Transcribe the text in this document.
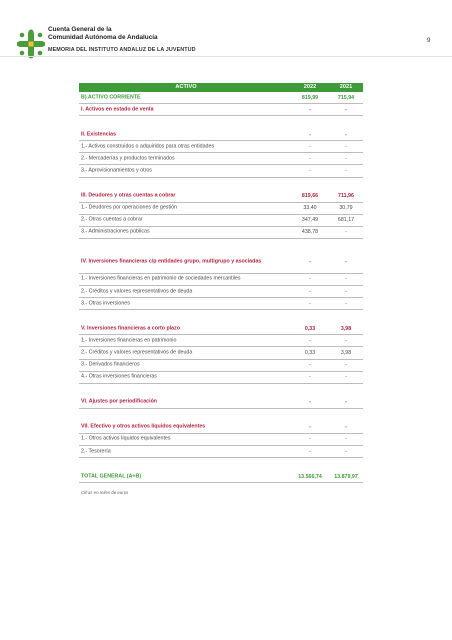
Cuenta General de la
Comunidad Autónoma de Andalucía
MEMORIA DEL INSTITUTO ANDALUZ DE LA JUVENTUD
9
ACTIVO	2022	2021
B) ACTIVO CORRIENTE	819,99	715,94
I. Activos en estado de venta	-	-
II. Existencias	-	-
1.- Activos construidos o adquiridos para otras entidades	-	-
2.- Mercaderías y productos terminados	-	-
3.- Aprovisionamientos y otros	-	-
III. Deudores y otras cuentas a cobrar	819,66	711,96
1.- Deudores por operaciones de gestión	33,40	30,79
2.- Otras cuentas a cobrar	347,49	681,17
3.- Administraciones públicas	438,78	-
IV. Inversiones financieras c/p entidades grupo, multigrupo y asociadas	-	-
1.- Inversiones financieras en patrimonio de sociedades mercantiles	-	-
2.- Créditos y valores representativos de deuda	-	-
3.- Otras inversiones	-	-
V. Inversiones financieras a corto plazo	0,33	3,98
1.- Inversiones financieras en patrimonio	-	-
2.- Créditos y valores representativos de deuda	0,33	3,98
3.- Derivados financieros	-	-
4.- Otras inversiones financieras	-	-
VI. Ajustes por periodificación	-	-
VII. Efectivo y otros activos líquidos equivalentes	-	-
1.- Otros activos líquidos equivalentes	-	-
2.- Tesorería	-	-
TOTAL GENERAL (A+B)	13.566,74	13.879,97
Cifras en miles de euros
